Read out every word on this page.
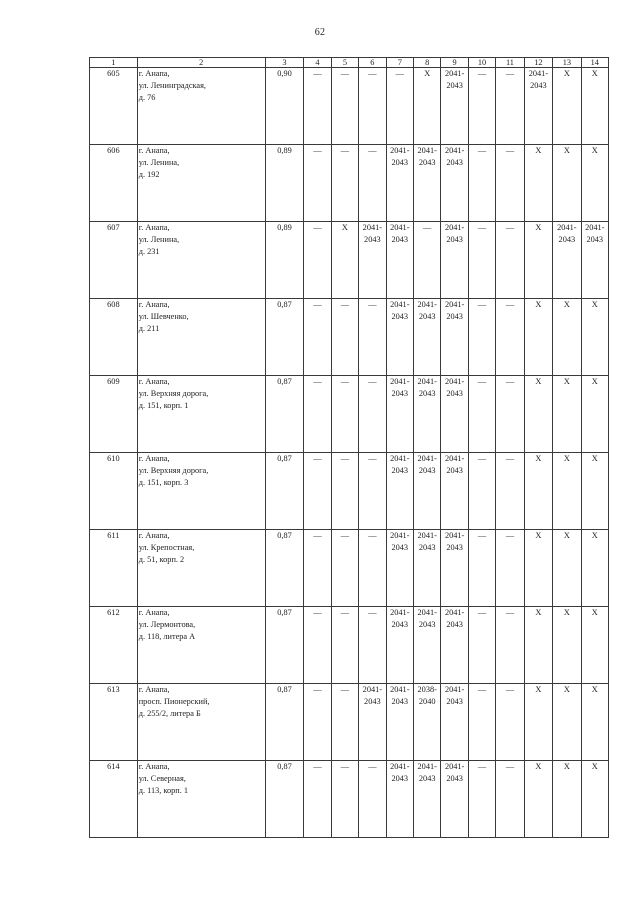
62
1	2	3	4	5	6	7	8	9	10	11	12	13	14
605	г. Анапа,
ул. Ленинградская,
д. 76	0,90	—	—	—	—	X	2041-
2043	—	—	2041-
2043	X	X
606	г. Анапа,
ул. Ленина,
д. 192	0,89	—	—	—	2041-
2043	2041-
2043	2041-
2043	—	—	X	X	X
607	г. Анапа,
ул. Ленина,
д. 231	0,89	—	X	2041-
2043	2041-
2043	—	2041-
2043	—	—	X	2041-
2043	2041-
2043
608	г. Анапа,
ул. Шевченко,
д. 211	0,87	—	—	—	2041-
2043	2041-
2043	2041-
2043	—	—	X	X	X
609	г. Анапа,
ул. Верхняя дорога,
д. 151, корп. 1	0,87	—	—	—	2041-
2043	2041-
2043	2041-
2043	—	—	X	X	X
610	г. Анапа,
ул. Верхняя дорога,
д. 151, корп. 3	0,87	—	—	—	2041-
2043	2041-
2043	2041-
2043	—	—	X	X	X
611	г. Анапа,
ул. Крепостная,
д. 51, корп. 2	0,87	—	—	—	2041-
2043	2041-
2043	2041-
2043	—	—	X	X	X
612	г. Анапа,
ул. Лермонтова,
д. 118, литера А	0,87	—	—	—	2041-
2043	2041-
2043	2041-
2043	—	—	X	X	X
613	г. Анапа,
просп. Пионерский,
д. 255/2, литера Б	0,87	—	—	2041-
2043	2041-
2043	2038-
2040	2041-
2043	—	—	X	X	X
614	г. Анапа,
ул. Северная,
д. 113, корп. 1	0,87	—	—	—	2041-
2043	2041-
2043	2041-
2043	—	—	X	X	X
